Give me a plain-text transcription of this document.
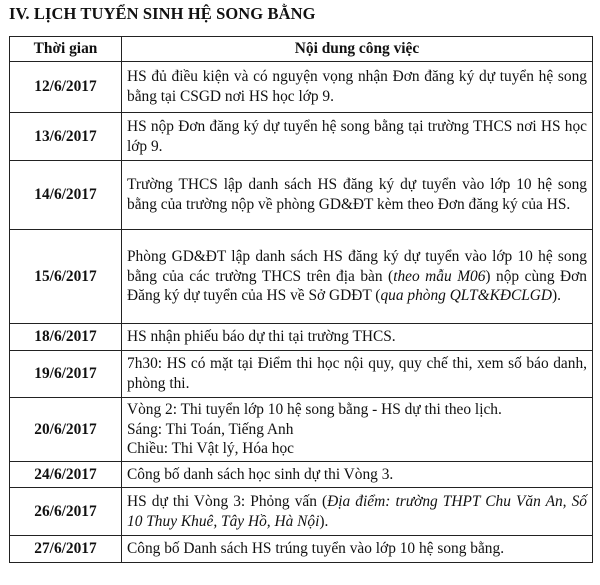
IV. LỊCH TUYỂN SINH HỆ SONG BẰNG
Thời gian	Nội dung công việc
12/6/2017	HS đủ điều kiện và có nguyện vọng nhận Đơn đăng ký dự tuyển hệ song bằng tại CSGD nơi HS học lớp 9.
13/6/2017	HS nộp Đơn đăng ký dự tuyển hệ song bằng tại trường THCS nơi HS học lớp 9.
14/6/2017	Trường THCS lập danh sách HS đăng ký dự tuyển vào lớp 10 hệ song bằng của trường nộp về phòng GD&ĐT kèm theo Đơn đăng ký của HS.
15/6/2017	Phòng GD&ĐT lập danh sách HS đăng ký dự tuyển vào lớp 10 hệ song bằng của các trường THCS trên địa bàn (theo mẫu M06) nộp cùng Đơn Đăng ký dự tuyển của HS về Sở GDĐT (qua phòng QLT&KĐCLGD).
18/6/2017	HS nhận phiếu báo dự thi tại trường THCS.
19/6/2017	7h30: HS có mặt tại Điểm thi học nội quy, quy chế thi, xem số báo danh, phòng thi.
20/6/2017	Vòng 2: Thi tuyển lớp 10 hệ song bằng - HS dự thi theo lịch.
Sáng: Thi Toán, Tiếng Anh
Chiều: Thi Vật lý, Hóa học

24/6/2017	Công bố danh sách học sinh dự thi Vòng 3.
26/6/2017	HS dự thi Vòng 3: Phỏng vấn (Địa điểm: trường THPT Chu Văn An, Số 10 Thuy Khuê, Tây Hồ, Hà Nội).
27/6/2017	Công bố Danh sách HS trúng tuyển vào lớp 10 hệ song bằng.
